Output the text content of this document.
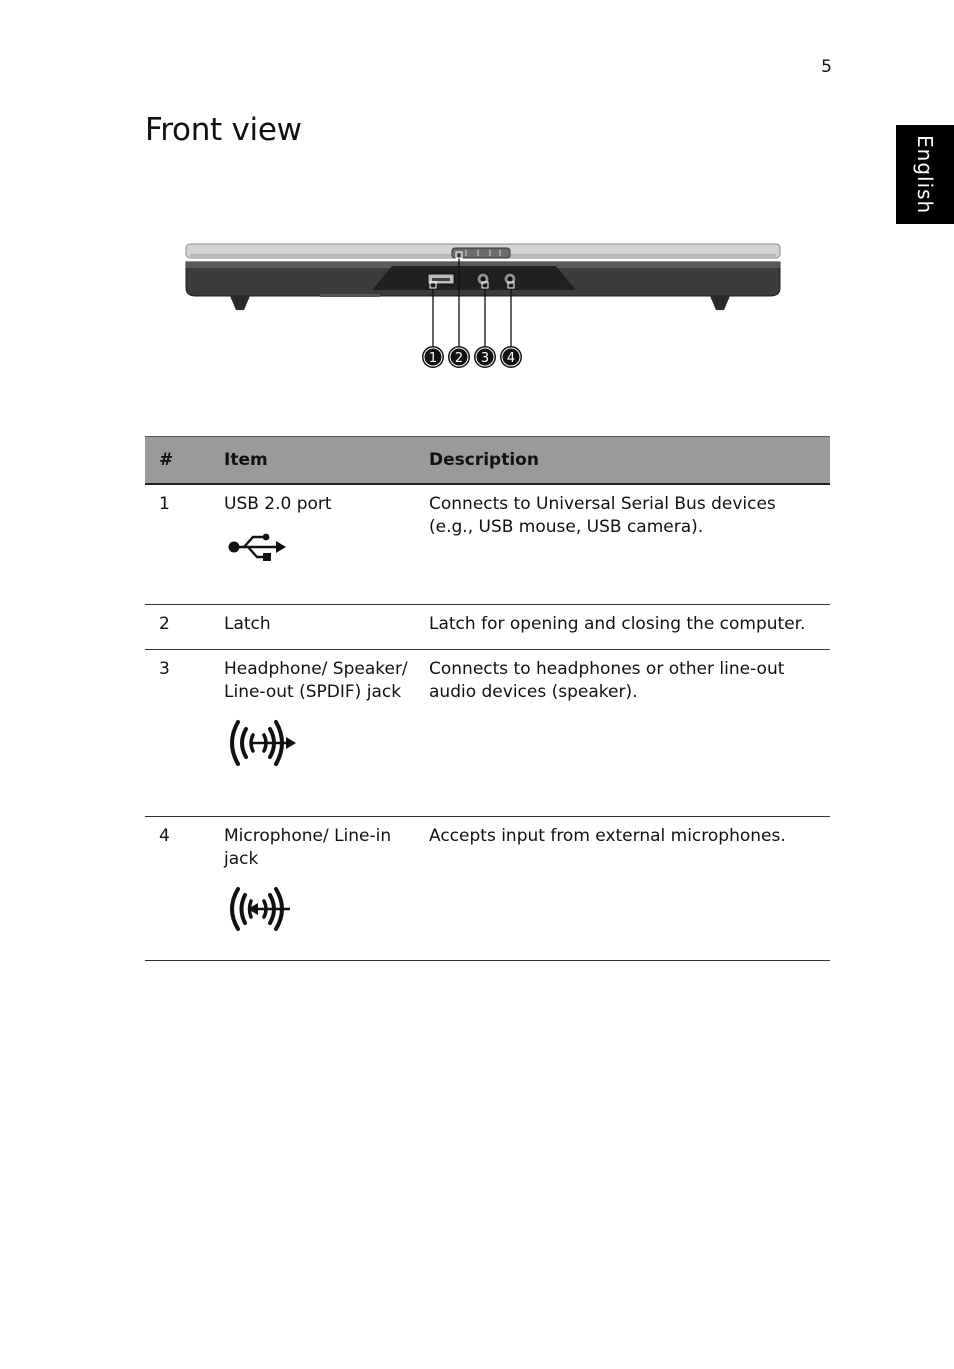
5
Front view
English
1 2 3 4
#	Item	Description
1	USB 2.0 port	Connects to Universal Serial Bus devices (e.g., USB mouse, USB camera).

2	Latch	Latch for opening and closing the computer.

3	Headphone/ Speaker/ Line-out (SPDIF) jack	Connects to headphones or other line-out audio devices (speaker).

4	Microphone/ Line-in jack	Accepts input from external microphones.
